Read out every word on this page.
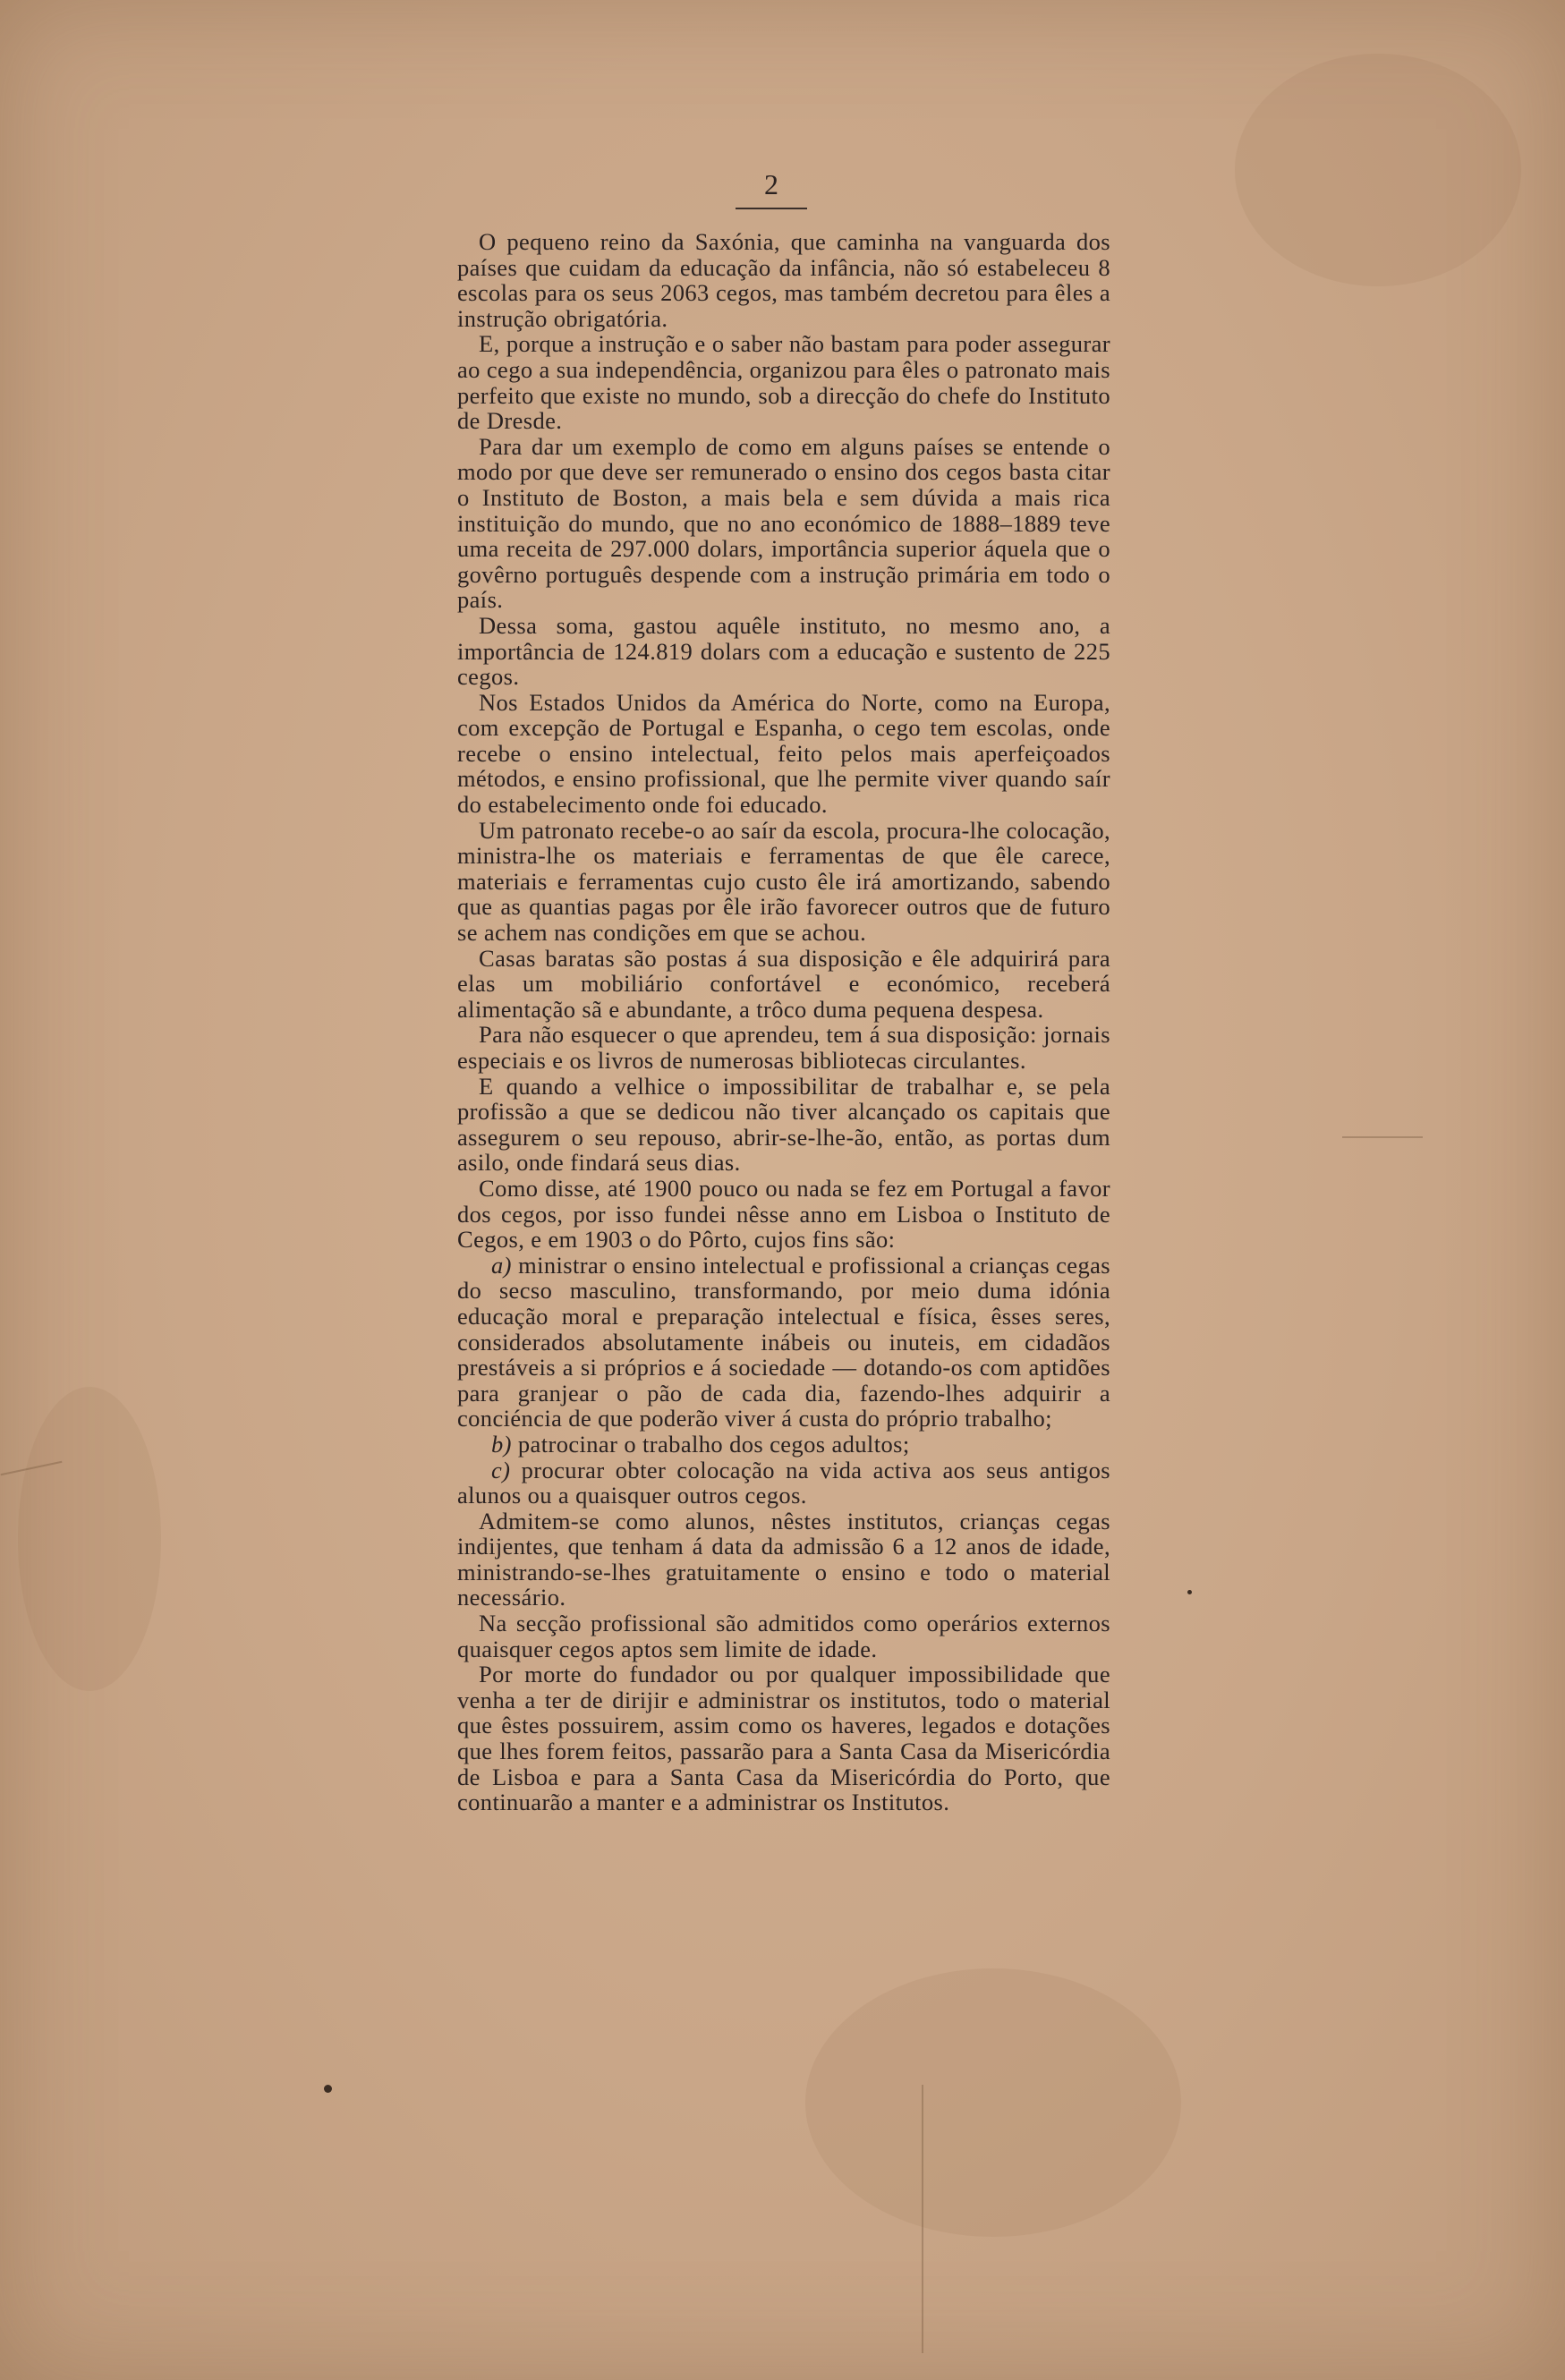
2

O pequeno reino da Saxónia, que caminha na vanguarda dos países que cuidam da educação da infância, não só estabeleceu 8 escolas para os seus 2063 cegos, mas também decretou para êles a instrução obrigatória.

E, porque a instrução e o saber não bastam para poder assegurar ao cego a sua independência, organizou para êles o patronato mais perfeito que existe no mundo, sob a direcção do chefe do Instituto de Dresde.

Para dar um exemplo de como em alguns países se entende o modo por que deve ser remunerado o ensino dos cegos basta citar o Instituto de Boston, a mais bela e sem dúvida a mais rica instituição do mundo, que no ano económico de 1888–1889 teve uma receita de 297.000 dolars, importância superior áquela que o govêrno português despende com a instrução primária em todo o país.

Dessa soma, gastou aquêle instituto, no mesmo ano, a importância de 124.819 dolars com a educação e sustento de 225 cegos.

Nos Estados Unidos da América do Norte, como na Europa, com excepção de Portugal e Espanha, o cego tem escolas, onde recebe o ensino intelectual, feito pelos mais aperfeiçoados métodos, e ensino profissional, que lhe permite viver quando saír do estabelecimento onde foi educado.

Um patronato recebe-o ao saír da escola, procura-lhe colocação, ministra-lhe os materiais e ferramentas de que êle carece, materiais e ferramentas cujo custo êle irá amortizando, sabendo que as quantias pagas por êle irão favorecer outros que de futuro se achem nas condições em que se achou.

Casas baratas são postas á sua disposição e êle adquirirá para elas um mobiliário confortável e económico, receberá alimentação sã e abundante, a trôco duma pequena despesa.

Para não esquecer o que aprendeu, tem á sua disposição: jornais especiais e os livros de numerosas bibliotecas circulantes.

E quando a velhice o impossibilitar de trabalhar e, se pela profissão a que se dedicou não tiver alcançado os capitais que assegurem o seu repouso, abrir-se-lhe-ão, então, as portas dum asilo, onde findará seus dias.

Como disse, até 1900 pouco ou nada se fez em Portugal a favor dos cegos, por isso fundei nêsse anno em Lisboa o Instituto de Cegos, e em 1903 o do Pôrto, cujos fins são:

a) ministrar o ensino intelectual e profissional a crianças cegas do secso masculino, transformando, por meio duma idónia educação moral e preparação intelectual e física, êsses seres, considerados absolutamente inábeis ou inuteis, em cidadãos prestáveis a si próprios e á sociedade — dotando-os com aptidões para granjear o pão de cada dia, fazendo-lhes adquirir a conciéncia de que poderão viver á custa do próprio trabalho;

b) patrocinar o trabalho dos cegos adultos;

c) procurar obter colocação na vida activa aos seus antigos alunos ou a quaisquer outros cegos.

Admitem-se como alunos, nêstes institutos, crianças cegas indijentes, que tenham á data da admissão 6 a 12 anos de idade, ministrando-se-lhes gratuitamente o ensino e todo o material necessário.

Na secção profissional são admitidos como operários externos quaisquer cegos aptos sem limite de idade.

Por morte do fundador ou por qualquer impossibilidade que venha a ter de dirijir e administrar os institutos, todo o material que êstes possuirem, assim como os haveres, legados e dotações que lhes forem feitos, passarão para a Santa Casa da Misericórdia de Lisboa e para a Santa Casa da Misericórdia do Porto, que continuarão a manter e a administrar os Institutos.
